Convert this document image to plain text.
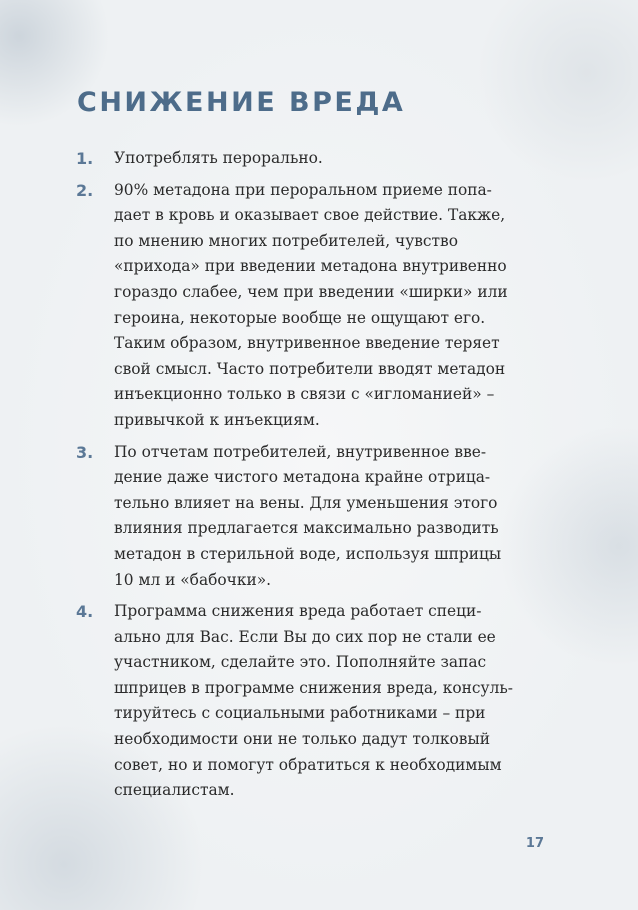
СНИЖЕНИЕ ВРЕДА
1. Употреблять перорально.
2. 90% метадона при пероральном приеме попа-
дает в кровь и оказывает свое действие. Также,
по мнению многих потребителей, чувство
«прихода» при введении метадона внутривенно
гораздо слабее, чем при введении «ширки» или
героина, некоторые вообще не ощущают его.
Таким образом, внутривенное введение теряет
свой смысл. Часто потребители вводят метадон
инъекционно только в связи с «игломанией» –
привычкой к инъекциям.
3. По отчетам потребителей, внутривенное вве-
дение даже чистого метадона крайне отрица-
тельно влияет на вены. Для уменьшения этого
влияния предлагается максимально разводить
метадон в стерильной воде, используя шприцы
10 мл и «бабочки».
4. Программа снижения вреда работает специ-
ально для Вас. Если Вы до сих пор не стали ее
участником, сделайте это. Пополняйте запас
шприцев в программе снижения вреда, консуль-
тируйтесь с социальными работниками – при
необходимости они не только дадут толковый
совет, но и помогут обратиться к необходимым
специалистам.
17
